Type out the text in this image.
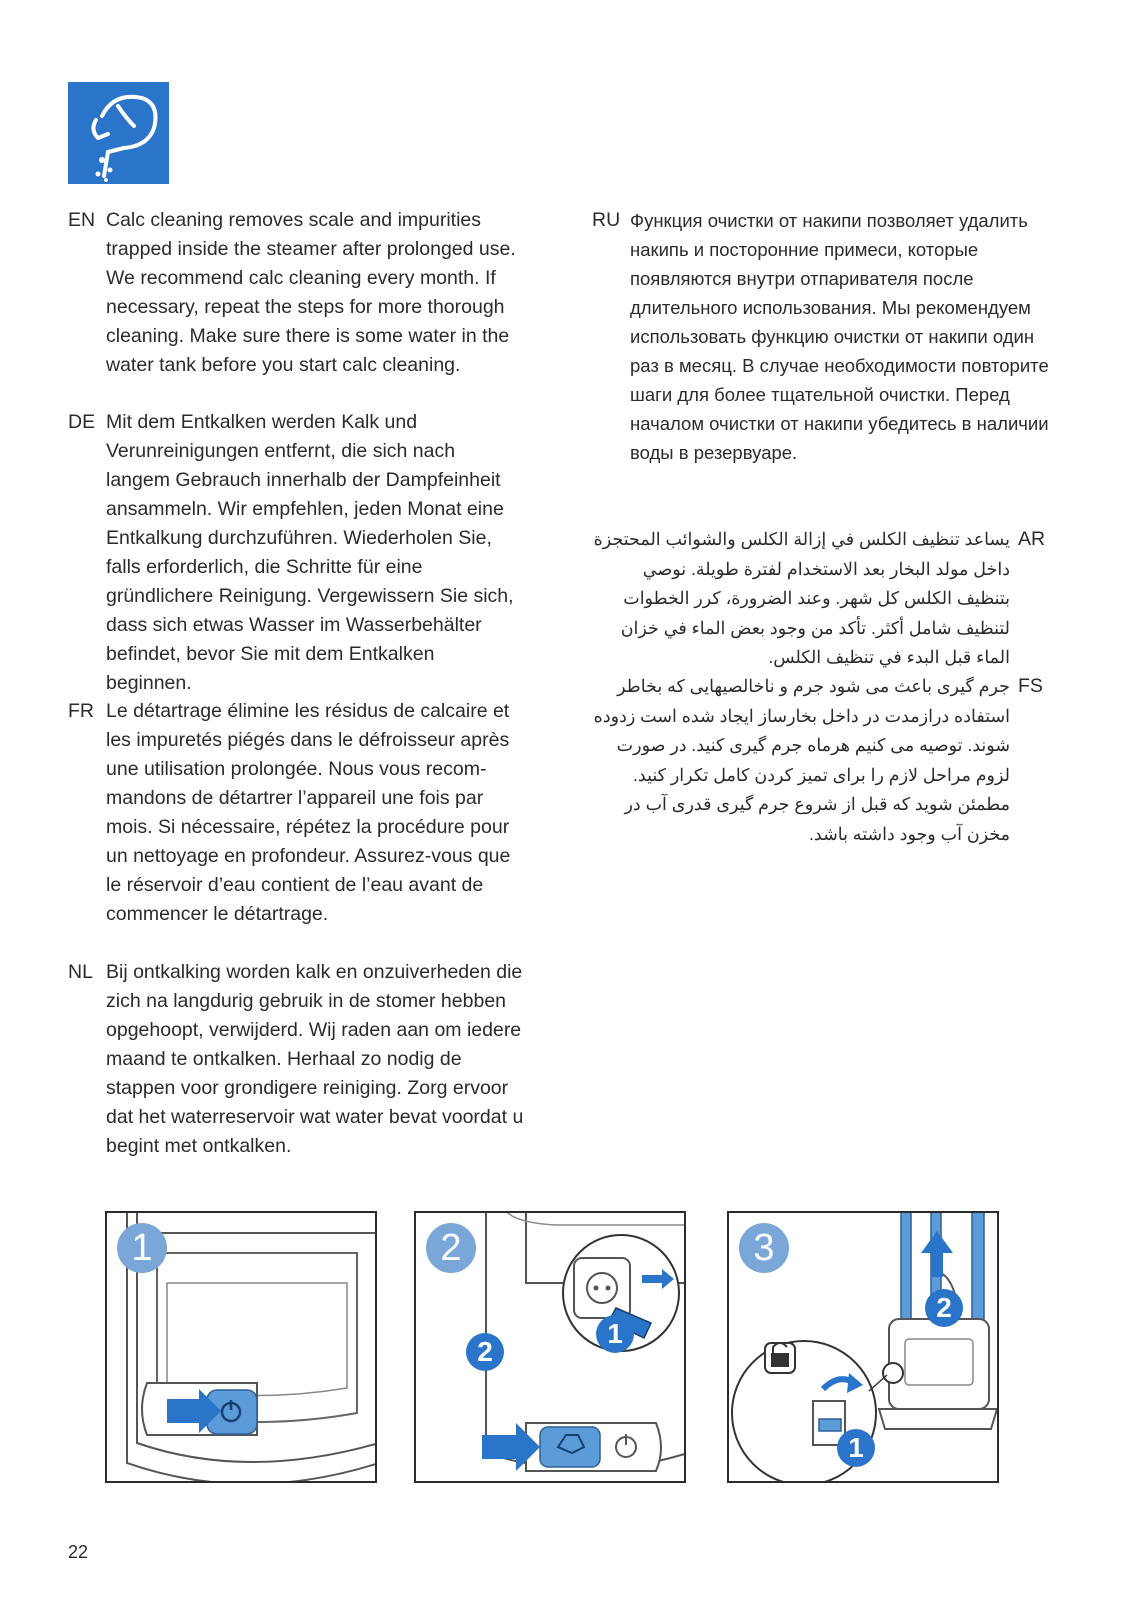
EN Calc cleaning removes scale and impurities trapped inside the steamer after prolonged use. We recommend calc cleaning every month. If necessary, repeat the steps for more thorough cleaning. Make sure there is some water in the water tank before you start calc cleaning.
DE Mit dem Entkalken werden Kalk und Verunreinigungen entfernt, die sich nach langem Gebrauch innerhalb der Dampfeinheit ansammeln. Wir empfehlen, jeden Monat eine Entkalkung durchzuführen. Wiederholen Sie, falls erforderlich, die Schritte für eine gründlichere Reinigung. Vergewissern Sie sich, dass sich etwas Wasser im Wasserbehälter befindet, bevor Sie mit dem Entkalken beginnen.
FR Le détartrage élimine les résidus de calcaire et les impuretés piégés dans le défroisseur après une utilisation prolongée. Nous vous recom-mandons de détartrer l’appareil une fois par mois. Si nécessaire, répétez la procédure pour un nettoyage en profondeur. Assurez-vous que le réservoir d’eau contient de l’eau avant de commencer le détartrage.
NL Bij ontkalking worden kalk en onzuiverheden die zich na langdurig gebruik in de stomer hebben opgehoopt, verwijderd. Wij raden aan om iedere maand te ontkalken. Herhaal zo nodig de stappen voor grondigere reiniging. Zorg ervoor dat het waterreservoir wat water bevat voordat u begint met ontkalken.
RU Функция очистки от накипи позволяет удалить накипь и посторонние примеси, которые появляются внутри отпаривателя после длительного использования. Мы рекомендуем использовать функцию очистки от накипи один раз в месяц. В случае необходимости повторите шаги для более тщательной очистки. Перед началом очистки от накипи убедитесь в наличии воды в резервуаре.
AR
يساعد تنظيف الكلس في إزالة الكلس والشوائب المحتجزة داخل مولد البخار بعد الاستخدام لفترة طويلة. نوصي بتنظيف الكلس كل شهر. وعند الضرورة، كرر الخطوات لتنظيف شامل أكثر. تأكد من وجود بعض الماء في خزان الماء قبل البدء في تنظيف الكلس.
FS
جرم گیری باعث می شود جرم و ناخالصیهایی که بخاطر استفاده درازمدت در داخل بخارساز ایجاد شده است زدوده شوند. توصیه می کنیم هرماه جرم گیری کنید. در صورت لزوم مراحل لازم را برای تمیز کردن کامل تکرار کنید. مطمئن شوید که قبل از شروع جرم گیری قدری آب در مخزن آب وجود داشته باشد.
1	2
1
2
3
2
1
22
